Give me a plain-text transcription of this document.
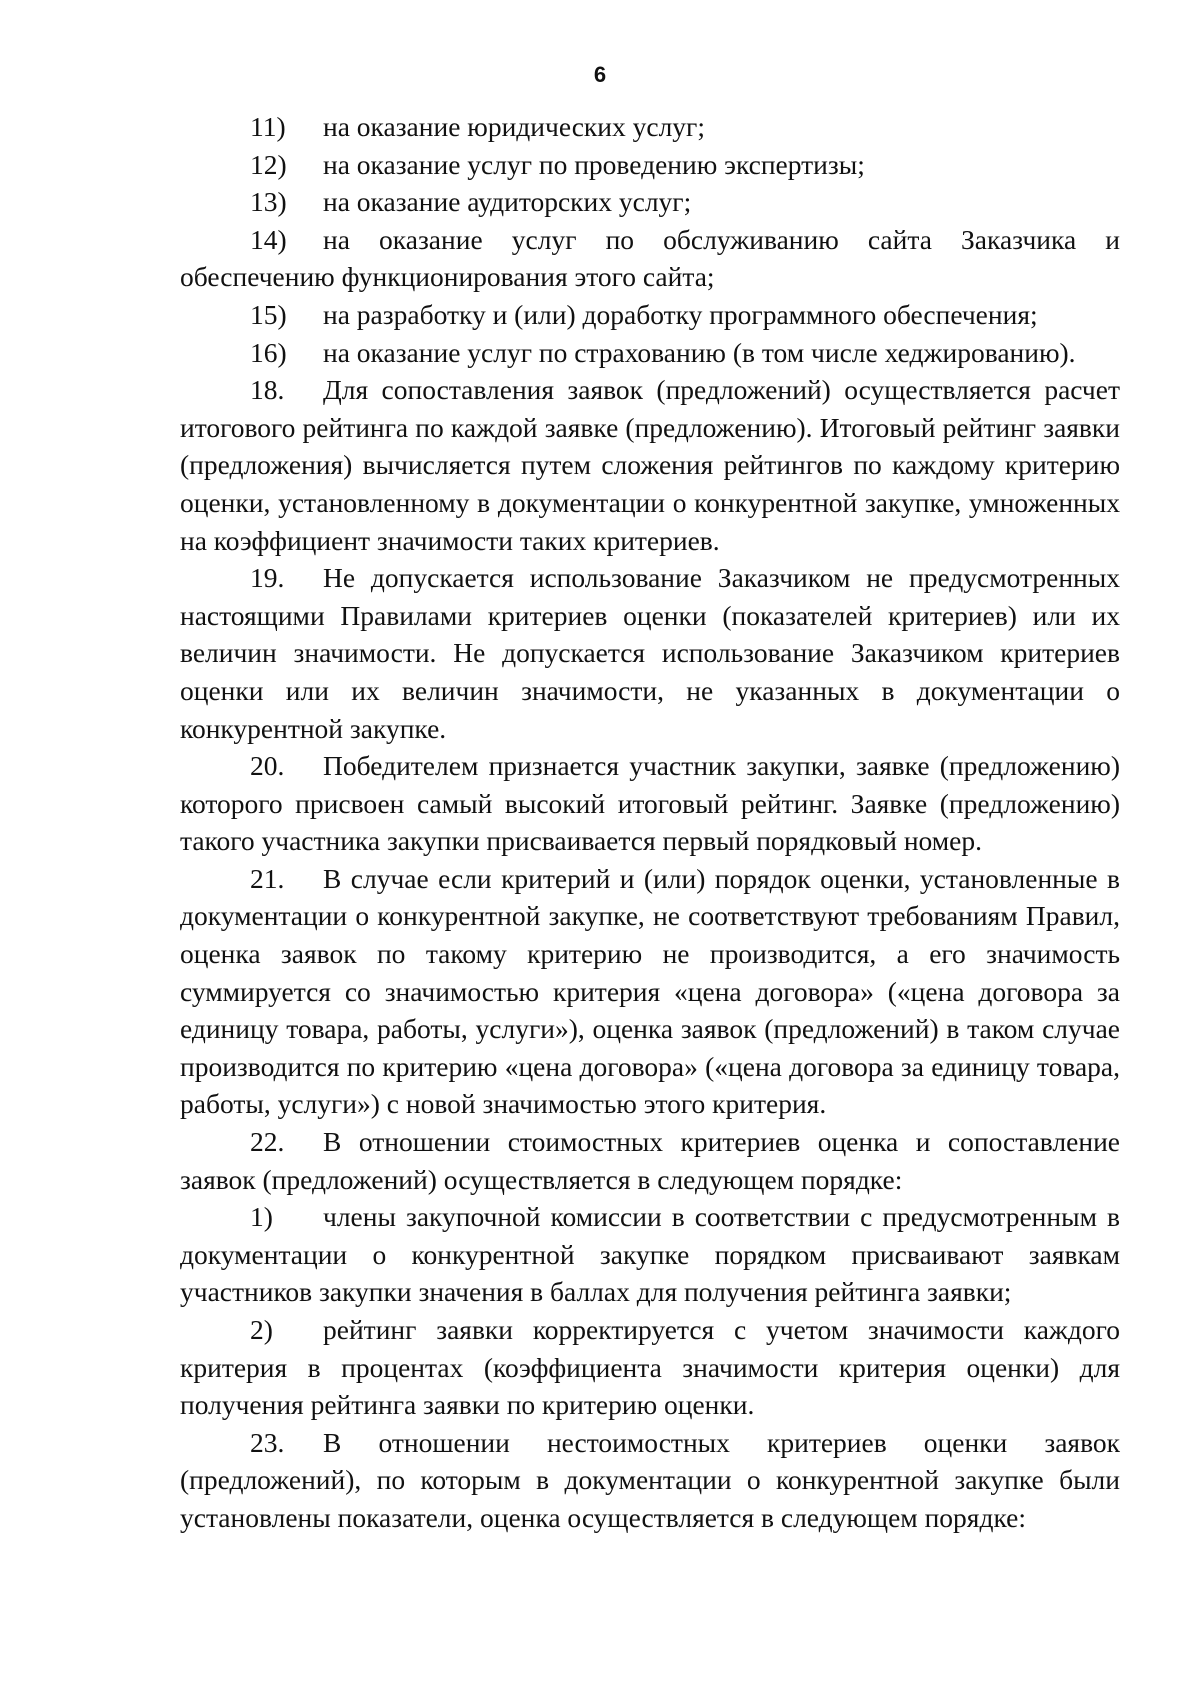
6

11) на оказание юридических услуг;

12) на оказание услуг по проведению экспертизы;

13) на оказание аудиторских услуг;

14) на оказание услуг по обслуживанию сайта Заказчика и обеспечению функционирования этого сайта;

15) на разработку и (или) доработку программного обеспечения;

16) на оказание услуг по страхованию (в том числе хеджированию).

18. Для сопоставления заявок (предложений) осуществляется расчет итогового рейтинга по каждой заявке (предложению). Итоговый рейтинг заявки (предложения) вычисляется путем сложения рейтингов по каждому критерию оценки, установленному в документации о конкурентной закупке, умноженных на коэффициент значимости таких критериев.

19. Не допускается использование Заказчиком не предусмотренных настоящими Правилами критериев оценки (показателей критериев) или их величин значимости. Не допускается использование Заказчиком критериев оценки или их величин значимости, не указанных в документации о конкурентной закупке.

20. Победителем признается участник закупки, заявке (предложению) которого присвоен самый высокий итоговый рейтинг. Заявке (предложению) такого участника закупки присваивается первый порядковый номер.

21. В случае если критерий и (или) порядок оценки, установленные в документации о конкурентной закупке, не соответствуют требованиям Правил, оценка заявок по такому критерию не производится, а его значимость суммируется со значимостью критерия «цена договора» («цена договора за единицу товара, работы, услуги»), оценка заявок (предложений) в таком случае производится по критерию «цена договора» («цена договора за единицу товара, работы, услуги») с новой значимостью этого критерия.

22. В отношении стоимостных критериев оценка и сопоставление заявок (предложений) осуществляется в следующем порядке:

1) члены закупочной комиссии в соответствии с предусмотренным в документации о конкурентной закупке порядком присваивают заявкам участников закупки значения в баллах для получения рейтинга заявки;

2) рейтинг заявки корректируется с учетом значимости каждого критерия в процентах (коэффициента значимости критерия оценки) для получения рейтинга заявки по критерию оценки.

23. В отношении нестоимостных критериев оценки заявок (предложений), по которым в документации о конкурентной закупке были установлены показатели, оценка осуществляется в следующем порядке:
